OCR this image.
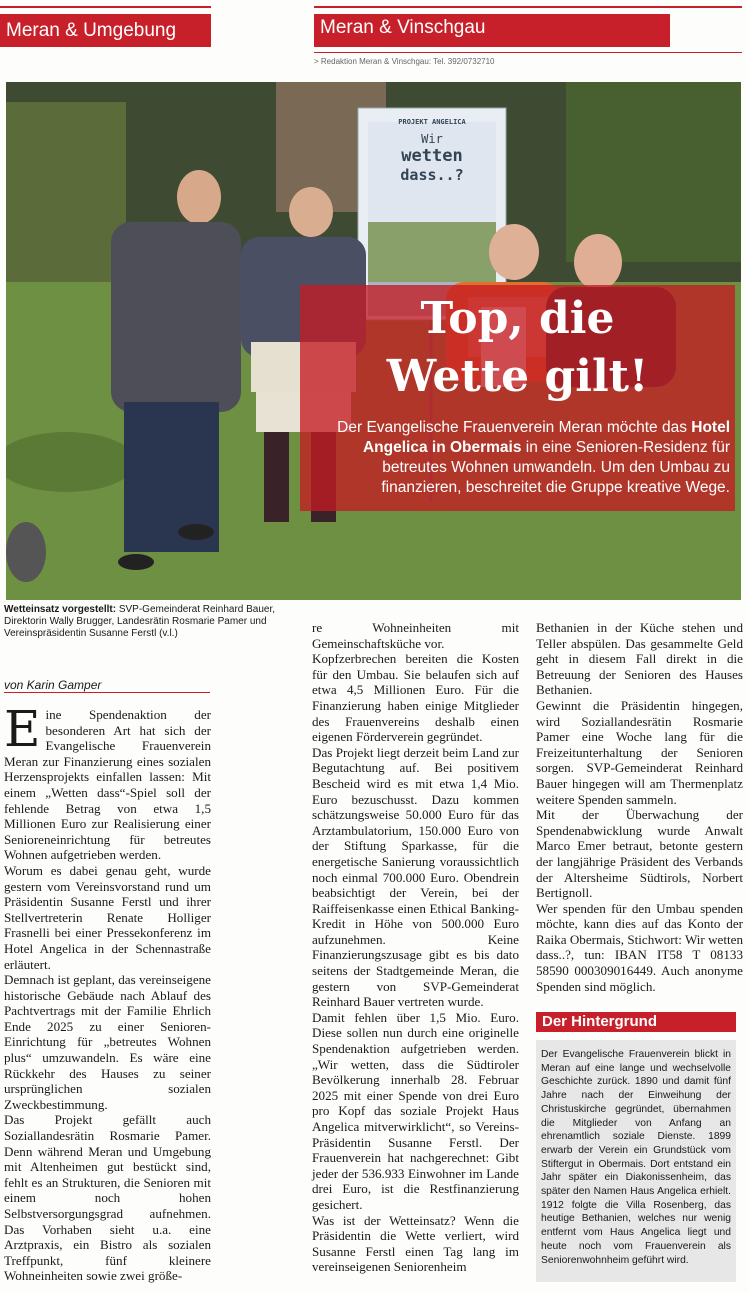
Meran & Umgebung	Meran & Vinschgau
> Redaktion Meran & Vinschgau: Tel. 392/0732710
PROJEKT ANGELICA
Wir
wetten
dass..?
Top, die
Wette gilt!
Der Evangelische Frauenverein Meran möchte das Hotel Angelica in Obermais in eine Senioren-Residenz für betreutes Wohnen umwandeln. Um den Umbau zu finanzieren, beschreitet die Gruppe kreative Wege.
Wetteinsatz vorgestellt: SVP-Gemeinderat Reinhard Bauer, Direktorin Wally Brugger, Landesrätin Rosmarie Pamer und Vereinspräsidentin Susanne Ferstl (v.l.)
von Karin Gamper

Eine Spendenaktion der besonderen Art hat sich der Evangelische Frauenverein Meran zur Finanzierung eines sozialen Herzensprojekts einfallen lassen: Mit einem „Wetten dass“-Spiel soll der fehlende Betrag von etwa 1,5 Millionen Euro zur Realisierung einer Senioreneinrichtung für betreutes Wohnen aufgetrieben werden.

Worum es dabei genau geht, wurde gestern vom Vereinsvorstand rund um Präsidentin Susanne Ferstl und ihrer Stellvertreterin Renate Holliger Frasnelli bei einer Pressekonferenz im Hotel Angelica in der Schennastraße erläutert.

Demnach ist geplant, das vereinseigene historische Gebäude nach Ablauf des Pachtvertrags mit der Familie Ehrlich Ende 2025 zu einer Senioren-Einrichtung für „betreutes Wohnen plus“ umzuwandeln. Es wäre eine Rückkehr des Hauses zu seiner ursprünglichen sozialen Zweckbestimmung.

Das Projekt gefällt auch Soziallandesrätin Rosmarie Pamer. Denn während Meran und Umgebung mit Altenheimen gut bestückt sind, fehlt es an Strukturen, die Senioren mit einem noch hohen Selbstversorgungsgrad aufnehmen. Das Vorhaben sieht u.a. eine Arztpraxis, ein Bistro als sozialen Treffpunkt, fünf kleinere Wohneinheiten sowie zwei größe-

re Wohneinheiten mit Gemeinschaftsküche vor.

Kopfzerbrechen bereiten die Kosten für den Umbau. Sie belaufen sich auf etwa 4,5 Millionen Euro. Für die Finanzierung haben einige Mitglieder des Frauenvereins deshalb einen eigenen Förderverein gegründet.

Das Projekt liegt derzeit beim Land zur Begutachtung auf. Bei positivem Bescheid wird es mit etwa 1,4 Mio. Euro bezuschusst. Dazu kommen schätzungsweise 50.000 Euro für das Arztambulatorium, 150.000 Euro von der Stiftung Sparkasse, für die energetische Sanierung voraussichtlich noch einmal 700.000 Euro. Obendrein beabsichtigt der Verein, bei der Raiffeisenkasse einen Ethical Banking-Kredit in Höhe von 500.000 Euro aufzunehmen. Keine Finanzierungszusage gibt es bis dato seitens der Stadtgemeinde Meran, die gestern von SVP-Gemeinderat Reinhard Bauer vertreten wurde.

Damit fehlen über 1,5 Mio. Euro. Diese sollen nun durch eine originelle Spendenaktion aufgetrieben werden. „Wir wetten, dass die Südtiroler Bevölkerung innerhalb 28. Februar 2025 mit einer Spende von drei Euro pro Kopf das soziale Projekt Haus Angelica mitverwirklicht“, so Vereins-Präsidentin Susanne Ferstl. Der Frauenverein hat nachgerechnet: Gibt jeder der 536.933 Einwohner im Lande drei Euro, ist die Restfinanzierung gesichert.

Was ist der Wetteinsatz? Wenn die Präsidentin die Wette verliert, wird Susanne Ferstl einen Tag lang im vereinseigenen Seniorenheim

Bethanien in der Küche stehen und Teller abspülen. Das gesammelte Geld geht in diesem Fall direkt in die Betreuung der Senioren des Hauses Bethanien.

Gewinnt die Präsidentin hingegen, wird Soziallandesrätin Rosmarie Pamer eine Woche lang für die Freizeitunterhaltung der Senioren sorgen. SVP-Gemeinderat Reinhard Bauer hingegen will am Thermenplatz weitere Spenden sammeln.

Mit der Überwachung der Spendenabwicklung wurde Anwalt Marco Emer betraut, betonte gestern der langjährige Präsident des Verbands der Altersheime Südtirols, Norbert Bertignoll.

Wer spenden für den Umbau spenden möchte, kann dies auf das Konto der Raika Obermais, Stichwort: Wir wetten dass..?, tun: IBAN IT58 T 08133 58590 000309016449. Auch anonyme Spenden sind möglich.

Der Hintergrund
Der Evangelische Frauenverein blickt in Meran auf eine lange und wechselvolle Geschichte zurück. 1890 und damit fünf Jahre nach der Einweihung der Christuskirche gegründet, übernahmen die Mitglieder von Anfang an ehrenamtlich soziale Dienste. 1899 erwarb der Verein ein Grundstück vom Stiftergut in Obermais. Dort entstand ein Jahr später ein Diakonissenheim, das später den Namen Haus Angelica erhielt. 1912 folgte die Villa Rosenberg, das heutige Bethanien, welches nur wenig entfernt vom Haus Angelica liegt und heute noch vom Frauenverein als Seniorenwohnheim geführt wird.
